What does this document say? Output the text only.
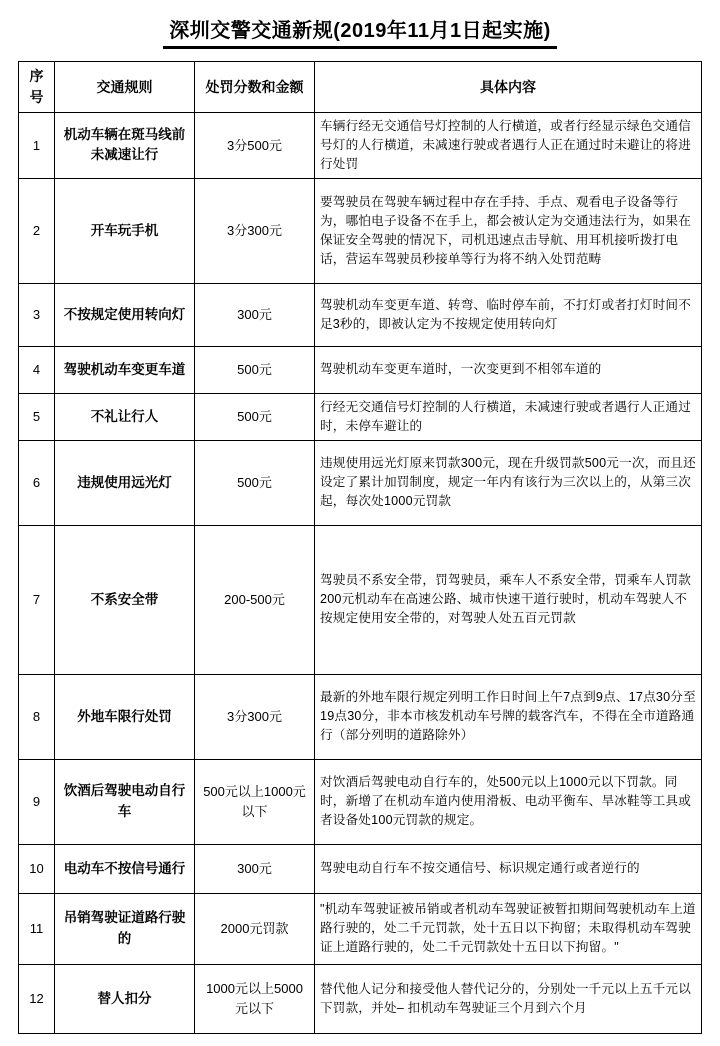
深圳交警交通新规(2019年11月1日起实施)
序号	交通规则	处罚分数和金额	具体内容
1	机动车辆在斑马线前未减速让行	3分500元	车辆行经无交通信号灯控制的人行横道，或者行经显示绿色交通信号灯的人行横道，未减速行驶或者遇行人正在通过时未避让的将进行处罚
2	开车玩手机	3分300元	要驾驶员在驾驶车辆过程中存在手持、手点、观看电子设备等行为，哪怕电子设备不在手上，都会被认定为交通违法行为，如果在保证安全驾驶的情况下，司机迅速点击导航、用耳机接听拨打电话，营运车驾驶员秒接单等行为将不纳入处罚范畴
3	不按规定使用转向灯	300元	驾驶机动车变更车道、转弯、临时停车前，不打灯或者打灯时间不足3秒的，即被认定为不按规定使用转向灯
4	驾驶机动车变更车道	500元	驾驶机动车变更车道时，一次变更到不相邻车道的
5	不礼让行人	500元	行经无交通信号灯控制的人行横道，未减速行驶或者遇行人正通过时，未停车避让的
6	违规使用远光灯	500元	违规使用远光灯原来罚款300元，现在升级罚款500元一次，而且还设定了累计加罚制度，规定一年内有该行为三次以上的，从第三次起，每次处1000元罚款
7	不系安全带	200-500元	驾驶员不系安全带，罚驾驶员，乘车人不系安全带，罚乘车人罚款200元机动车在高速公路、城市快速干道行驶时，机动车驾驶人不按规定使用安全带的，对驾驶人处五百元罚款
8	外地车限行处罚	3分300元	最新的外地车限行规定列明工作日时间上午7点到9点、17点30分至19点30分，非本市核发机动车号牌的载客汽车，不得在全市道路通行（部分列明的道路除外）
9	饮酒后驾驶电动自行车	500元以上1000元以下	对饮酒后驾驶电动自行车的，处500元以上1000元以下罚款。同时，新增了在机动车道内使用滑板、电动平衡车、旱冰鞋等工具或者设备处100元罚款的规定。
10	电动车不按信号通行	300元	驾驶电动自行车不按交通信号、标识规定通行或者逆行的
11	吊销驾驶证道路行驶的	2000元罚款	"机动车驾驶证被吊销或者机动车驾驶证被暂扣期间驾驶机动车上道路行驶的，处二千元罚款，处十五日以下拘留；未取得机动车驾驶证上道路行驶的，处二千元罚款处十五日以下拘留。"
12	替人扣分	1000元以上5000元以下	替代他人记分和接受他人替代记分的，分别处一千元以上五千元以下罚款，并处– 扣机动车驾驶证三个月到六个月
